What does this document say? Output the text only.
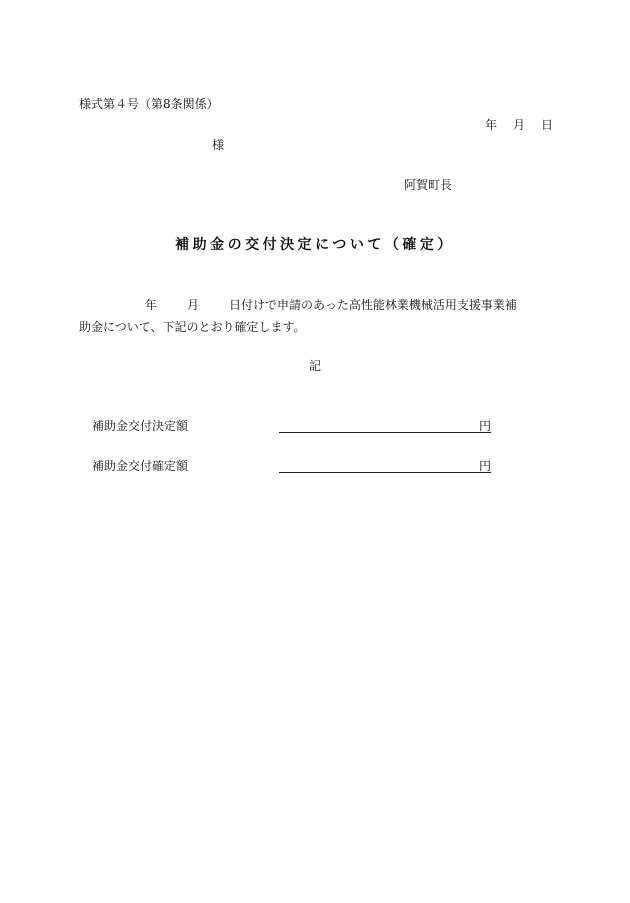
様式第４号（第8条関係）
年 月 日
様
阿賀町長
補助金の交付決定について（確定）
年	月	日付けで申請のあった高性能林業機械活用支援事業補
助金について、下記のとおり確定します。
記
補助金交付決定額	円
補助金交付確定額	円
